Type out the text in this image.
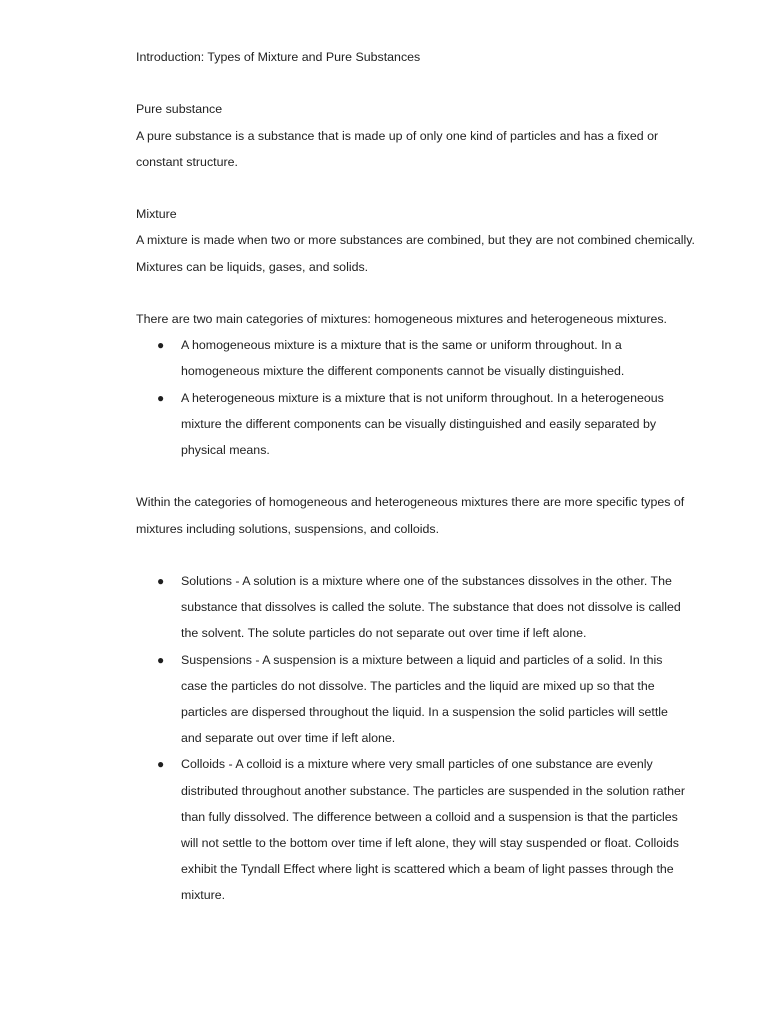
Introduction: Types of Mixture and Pure Substances

Pure substance

A pure substance is a substance that is made up of only one kind of particles and has a fixed or constant structure.

Mixture

A mixture is made when two or more substances are combined, but they are not combined chemically. Mixtures can be liquids, gases, and solids.

There are two main categories of mixtures: homogeneous mixtures and heterogeneous mixtures.

● A homogeneous mixture is a mixture that is the same or uniform throughout. In a homogeneous mixture the different components cannot be visually distinguished.
● A heterogeneous mixture is a mixture that is not uniform throughout. In a heterogeneous mixture the different components can be visually distinguished and easily separated by physical means.

Within the categories of homogeneous and heterogeneous mixtures there are more specific types of mixtures including solutions, suspensions, and colloids.

● Solutions - A solution is a mixture where one of the substances dissolves in the other. The substance that dissolves is called the solute. The substance that does not dissolve is called the solvent. The solute particles do not separate out over time if left alone.
● Suspensions - A suspension is a mixture between a liquid and particles of a solid. In this case the particles do not dissolve. The particles and the liquid are mixed up so that the particles are dispersed throughout the liquid. In a suspension the solid particles will settle and separate out over time if left alone.
● Colloids - A colloid is a mixture where very small particles of one substance are evenly distributed throughout another substance. The particles are suspended in the solution rather than fully dissolved. The difference between a colloid and a suspension is that the particles will not settle to the bottom over time if left alone, they will stay suspended or float. Colloids exhibit the Tyndall Effect where light is scattered which a beam of light passes through the mixture.
